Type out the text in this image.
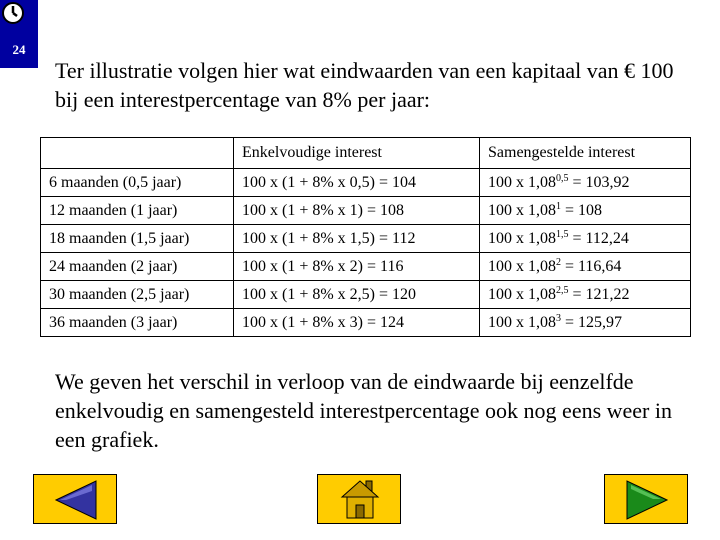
24
Ter illustratie volgen hier wat eindwaarden van een kapitaal van € 100 bij een interestpercentage van 8% per jaar:
	Enkelvoudige interest	Samengestelde interest
6 maanden (0,5 jaar)	100 x (1 + 8% x 0,5) = 104	100 x $1,08^{0,5} = 103,92$
12 maanden (1 jaar)	100 x (1 + 8% x 1) = 108	100 x $1,08^1 = 108$
18 maanden (1,5 jaar)	100 x (1 + 8% x 1,5) = 112	100 x $1,08^{1,5} = 112,24$
24 maanden (2 jaar)	100 x (1 + 8% x 2) = 116	100 x $1,08^2 = 116,64$
30 maanden (2,5 jaar)	100 x (1 + 8% x 2,5) = 120	100 x $1,08^{2,5} = 121,22$
36 maanden (3 jaar)	100 x (1 + 8% x 3) = 124	100 x $1,08^3 = 125,97$
We geven het verschil in verloop van de eindwaarde bij eenzelfde enkelvoudig en samengesteld interestpercentage ook nog eens weer in een grafiek.
